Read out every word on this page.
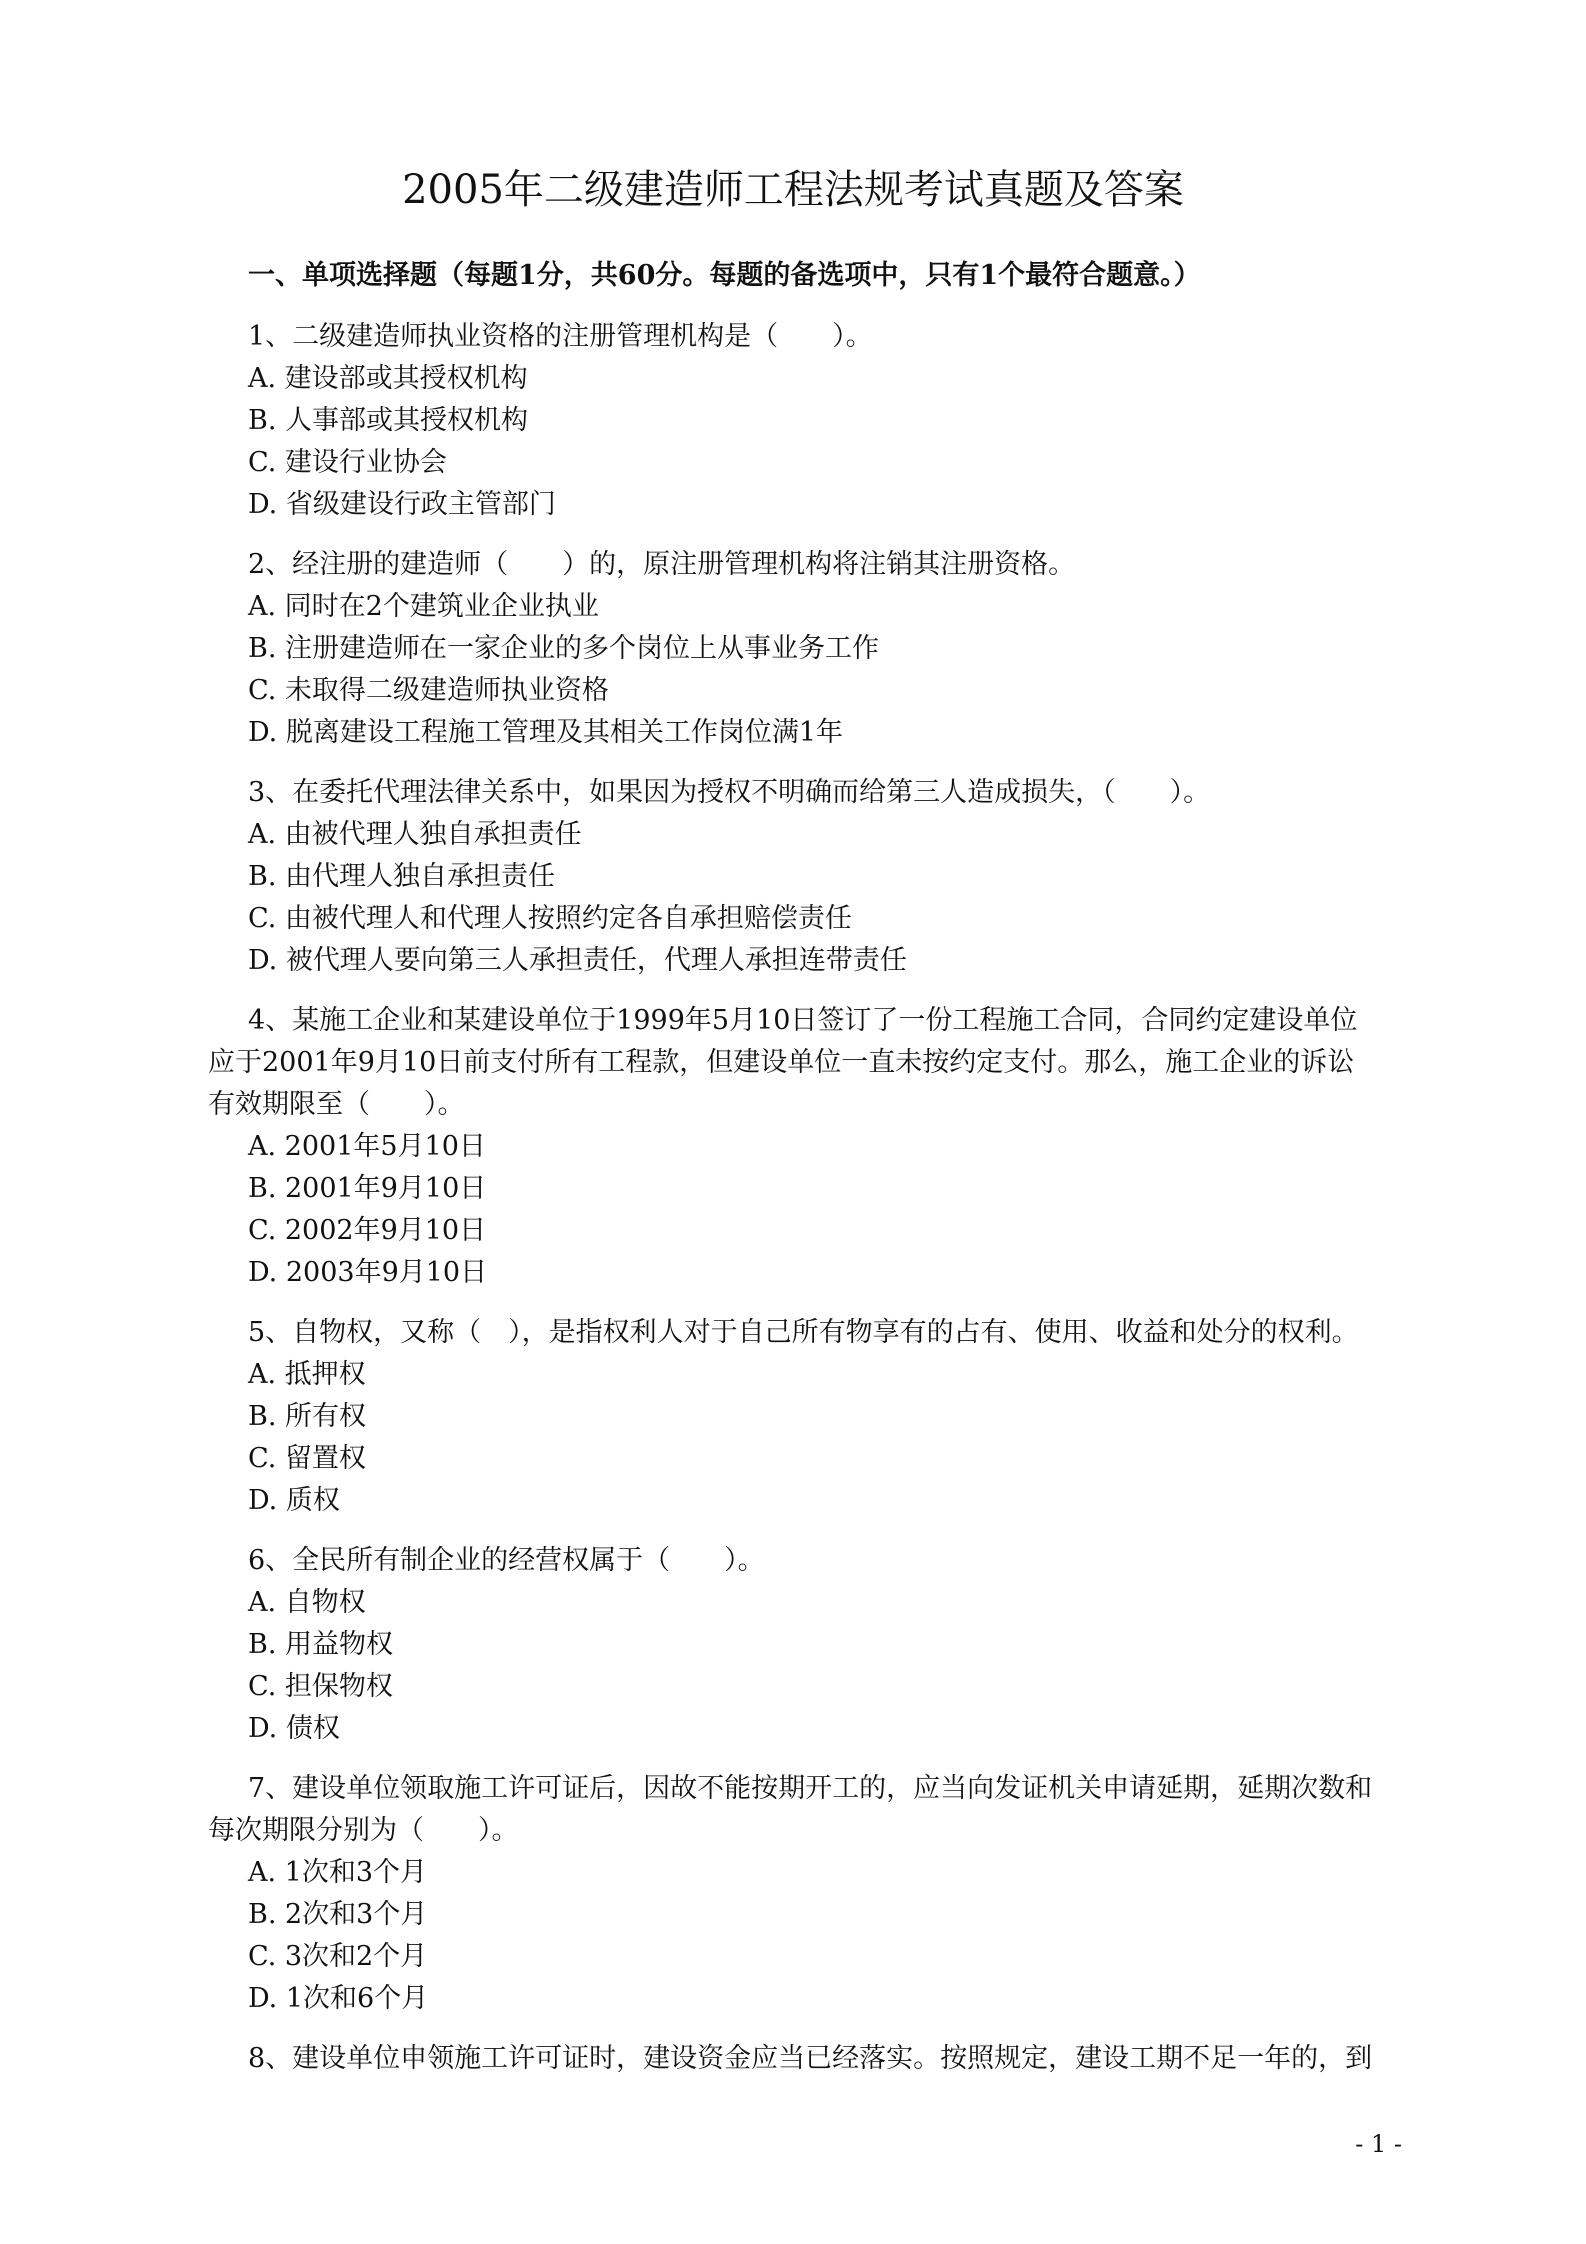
2005年二级建造师工程法规考试真题及答案
一、单项选择题（每题1分，共60分。每题的备选项中，只有1个最符合题意。）
1、二级建造师执业资格的注册管理机构是（　　）。
A. 建设部或其授权机构
B. 人事部或其授权机构
C. 建设行业协会
D. 省级建设行政主管部门
2、经注册的建造师（　　）的，原注册管理机构将注销其注册资格。
A. 同时在2个建筑业企业执业
B. 注册建造师在一家企业的多个岗位上从事业务工作
C. 未取得二级建造师执业资格
D. 脱离建设工程施工管理及其相关工作岗位满1年
3、在委托代理法律关系中，如果因为授权不明确而给第三人造成损失，（　　）。
A. 由被代理人独自承担责任
B. 由代理人独自承担责任
C. 由被代理人和代理人按照约定各自承担赔偿责任
D. 被代理人要向第三人承担责任，代理人承担连带责任
4、某施工企业和某建设单位于1999年5月10日签订了一份工程施工合同，合同约定建设单位
应于2001年9月10日前支付所有工程款，但建设单位一直未按约定支付。那么，施工企业的诉讼
有效期限至（　　）。
A. 2001年5月10日
B. 2001年9月10日
C. 2002年9月10日
D. 2003年9月10日
5、自物权，又称（　），是指权利人对于自己所有物享有的占有、使用、收益和处分的权利。
A. 抵押权
B. 所有权
C. 留置权
D. 质权
6、全民所有制企业的经营权属于（　　）。
A. 自物权
B. 用益物权
C. 担保物权
D. 债权
7、建设单位领取施工许可证后，因故不能按期开工的，应当向发证机关申请延期，延期次数和
每次期限分别为（　　）。
A. 1次和3个月
B. 2次和3个月
C. 3次和2个月
D. 1次和6个月
8、建设单位申领施工许可证时，建设资金应当已经落实。按照规定，建设工期不足一年的，到
- 1 -
